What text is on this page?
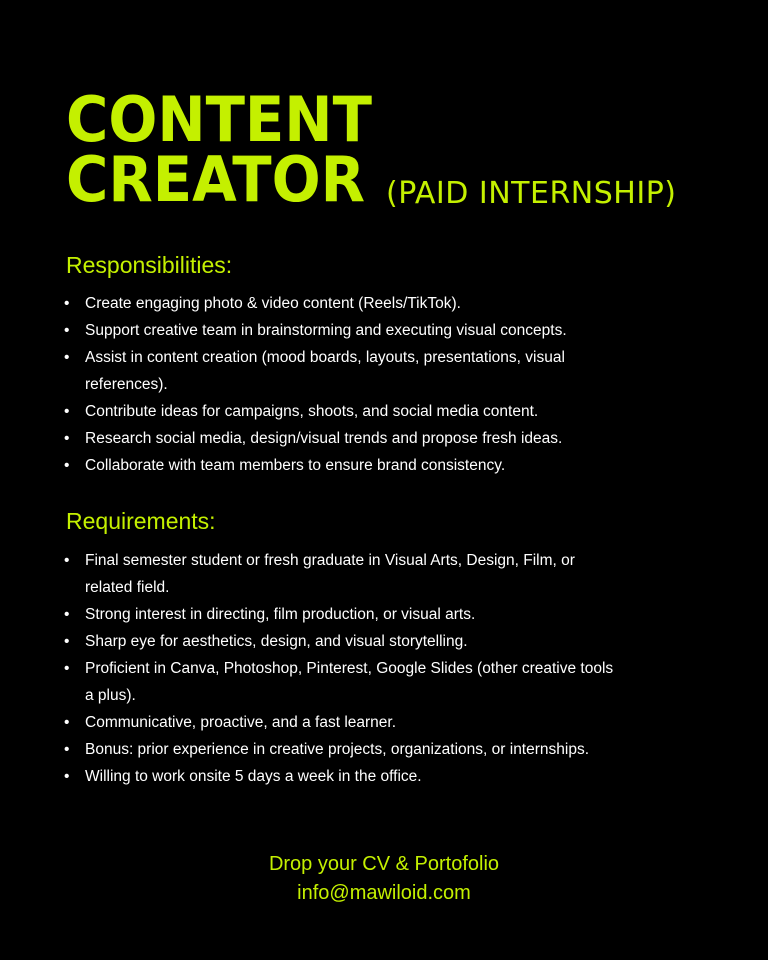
CONTENT
CREATOR (PAID INTERNSHIP)
Responsibilities:
• Create engaging photo & video content (Reels/TikTok).
• Support creative team in brainstorming and executing visual concepts.
• Assist in content creation (mood boards, layouts, presentations, visual references).
• Contribute ideas for campaigns, shoots, and social media content.
• Research social media, design/visual trends and propose fresh ideas.
• Collaborate with team members to ensure brand consistency.
Requirements:
• Final semester student or fresh graduate in Visual Arts, Design, Film, or related field.
• Strong interest in directing, film production, or visual arts.
• Sharp eye for aesthetics, design, and visual storytelling.
• Proficient in Canva, Photoshop, Pinterest, Google Slides (other creative tools a plus).
• Communicative, proactive, and a fast learner.
• Bonus: prior experience in creative projects, organizations, or internships.
• Willing to work onsite 5 days a week in the office.
Drop your CV & Portofolio
info@mawiloid.com
